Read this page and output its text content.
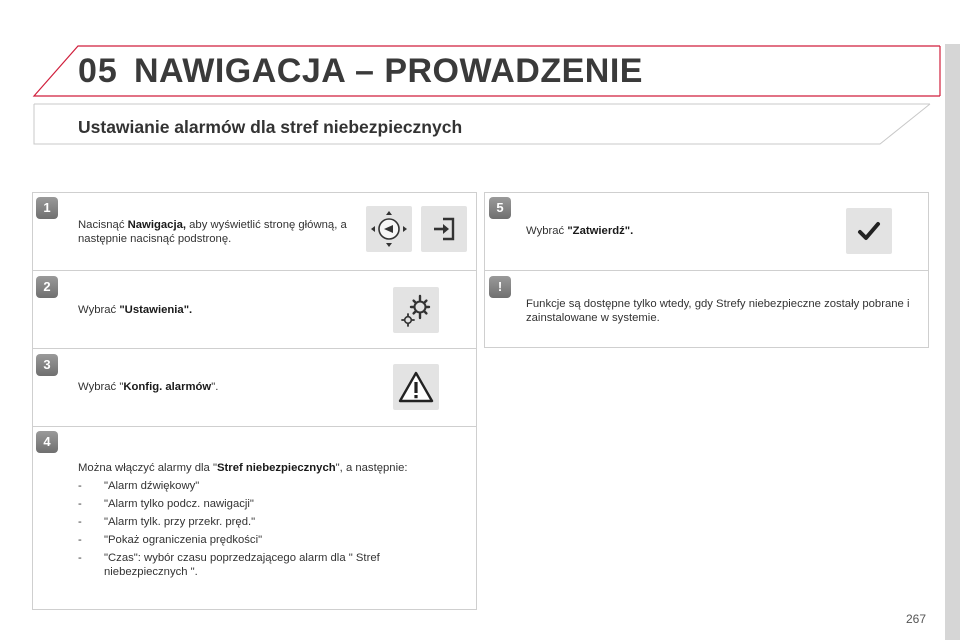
05 NAWIGACJA – PROWADZENIE
Ustawianie alarmów dla stref niebezpiecznych
1
Nacisnąć Nawigacja, aby wyświetlić stronę główną, a następnie nacisnąć podstronę.
2
Wybrać "Ustawienia".
3
Wybrać "Konfig. alarmów".
4
Można włączyć alarmy dla "Stref niebezpiecznych", a następnie:
- "Alarm dźwiękowy"
- "Alarm tylko podcz. nawigacji"
- "Alarm tylk. przy przekr. pręd."
- "Pokaż ograniczenia prędkości"
- "Czas": wybór czasu poprzedzającego alarm dla " Stref niebezpiecznych ".
5
Wybrać "Zatwierdź".
!
Funkcje są dostępne tylko wtedy, gdy Strefy niebezpieczne zostały pobrane i zainstalowane w systemie.
267
